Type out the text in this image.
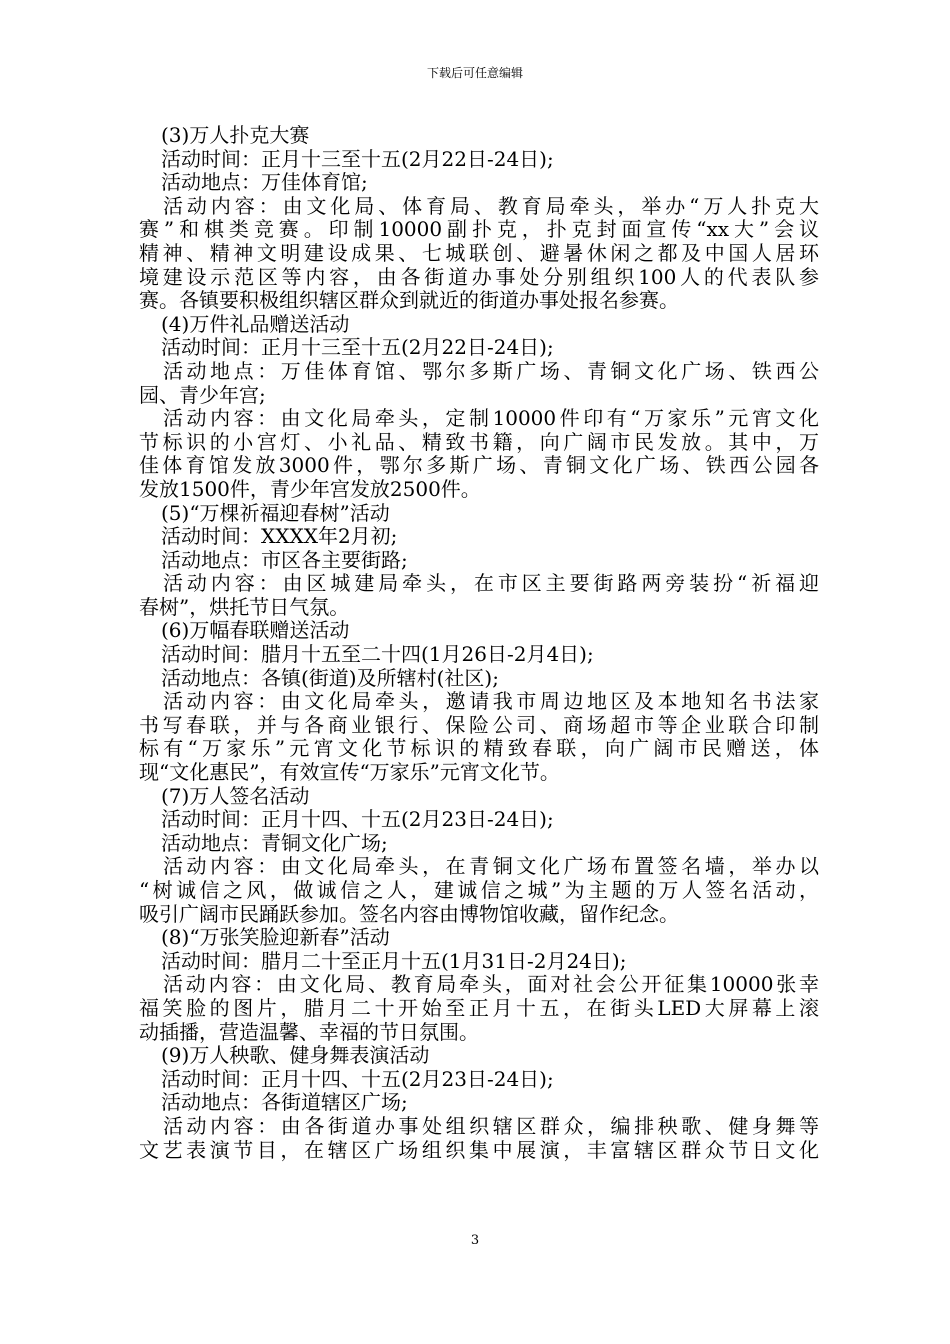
下载后可任意编辑
(3)万人扑克大赛
活动时间：正月十三至十五(2月22日-24日);
活动地点：万佳体育馆;
活动内容：由文化局、体育局、教育局牵头，举办“万人扑克大
赛”和棋类竞赛。印制10000副扑克，扑克封面宣传“xx大”会议
精神、精神文明建设成果、七城联创、避暑休闲之都及中国人居环
境建设示范区等内容，由各街道办事处分别组织100人的代表队参
赛。各镇要积极组织辖区群众到就近的街道办事处报名参赛。
(4)万件礼品赠送活动
活动时间：正月十三至十五(2月22日-24日);
活动地点：万佳体育馆、鄂尔多斯广场、青铜文化广场、铁西公
园、青少年宫;
活动内容：由文化局牵头，定制10000件印有“万家乐”元宵文化
节标识的小宫灯、小礼品、精致书籍，向广阔市民发放。其中，万
佳体育馆发放3000件，鄂尔多斯广场、青铜文化广场、铁西公园各
发放1500件，青少年宫发放2500件。
(5)“万棵祈福迎春树”活动
活动时间：XXXX年2月初;
活动地点：市区各主要街路;
活动内容：由区城建局牵头，在市区主要街路两旁装扮“祈福迎
春树”，烘托节日气氛。
(6)万幅春联赠送活动
活动时间：腊月十五至二十四(1月26日-2月4日);
活动地点：各镇(街道)及所辖村(社区);
活动内容：由文化局牵头，邀请我市周边地区及本地知名书法家
书写春联，并与各商业银行、保险公司、商场超市等企业联合印制
标有“万家乐”元宵文化节标识的精致春联，向广阔市民赠送，体
现“文化惠民”，有效宣传“万家乐”元宵文化节。
(7)万人签名活动
活动时间：正月十四、十五(2月23日-24日);
活动地点：青铜文化广场;
活动内容：由文化局牵头，在青铜文化广场布置签名墙，举办以
“树诚信之风，做诚信之人，建诚信之城”为主题的万人签名活动，
吸引广阔市民踊跃参加。签名内容由博物馆收藏，留作纪念。
(8)“万张笑脸迎新春”活动
活动时间：腊月二十至正月十五(1月31日-2月24日);
活动内容：由文化局、教育局牵头，面对社会公开征集10000张幸
福笑脸的图片，腊月二十开始至正月十五，在街头LED大屏幕上滚
动插播，营造温馨、幸福的节日氛围。
(9)万人秧歌、健身舞表演活动
活动时间：正月十四、十五(2月23日-24日);
活动地点：各街道辖区广场;
活动内容：由各街道办事处组织辖区群众，编排秧歌、健身舞等
文艺表演节目，在辖区广场组织集中展演，丰富辖区群众节日文化
3
